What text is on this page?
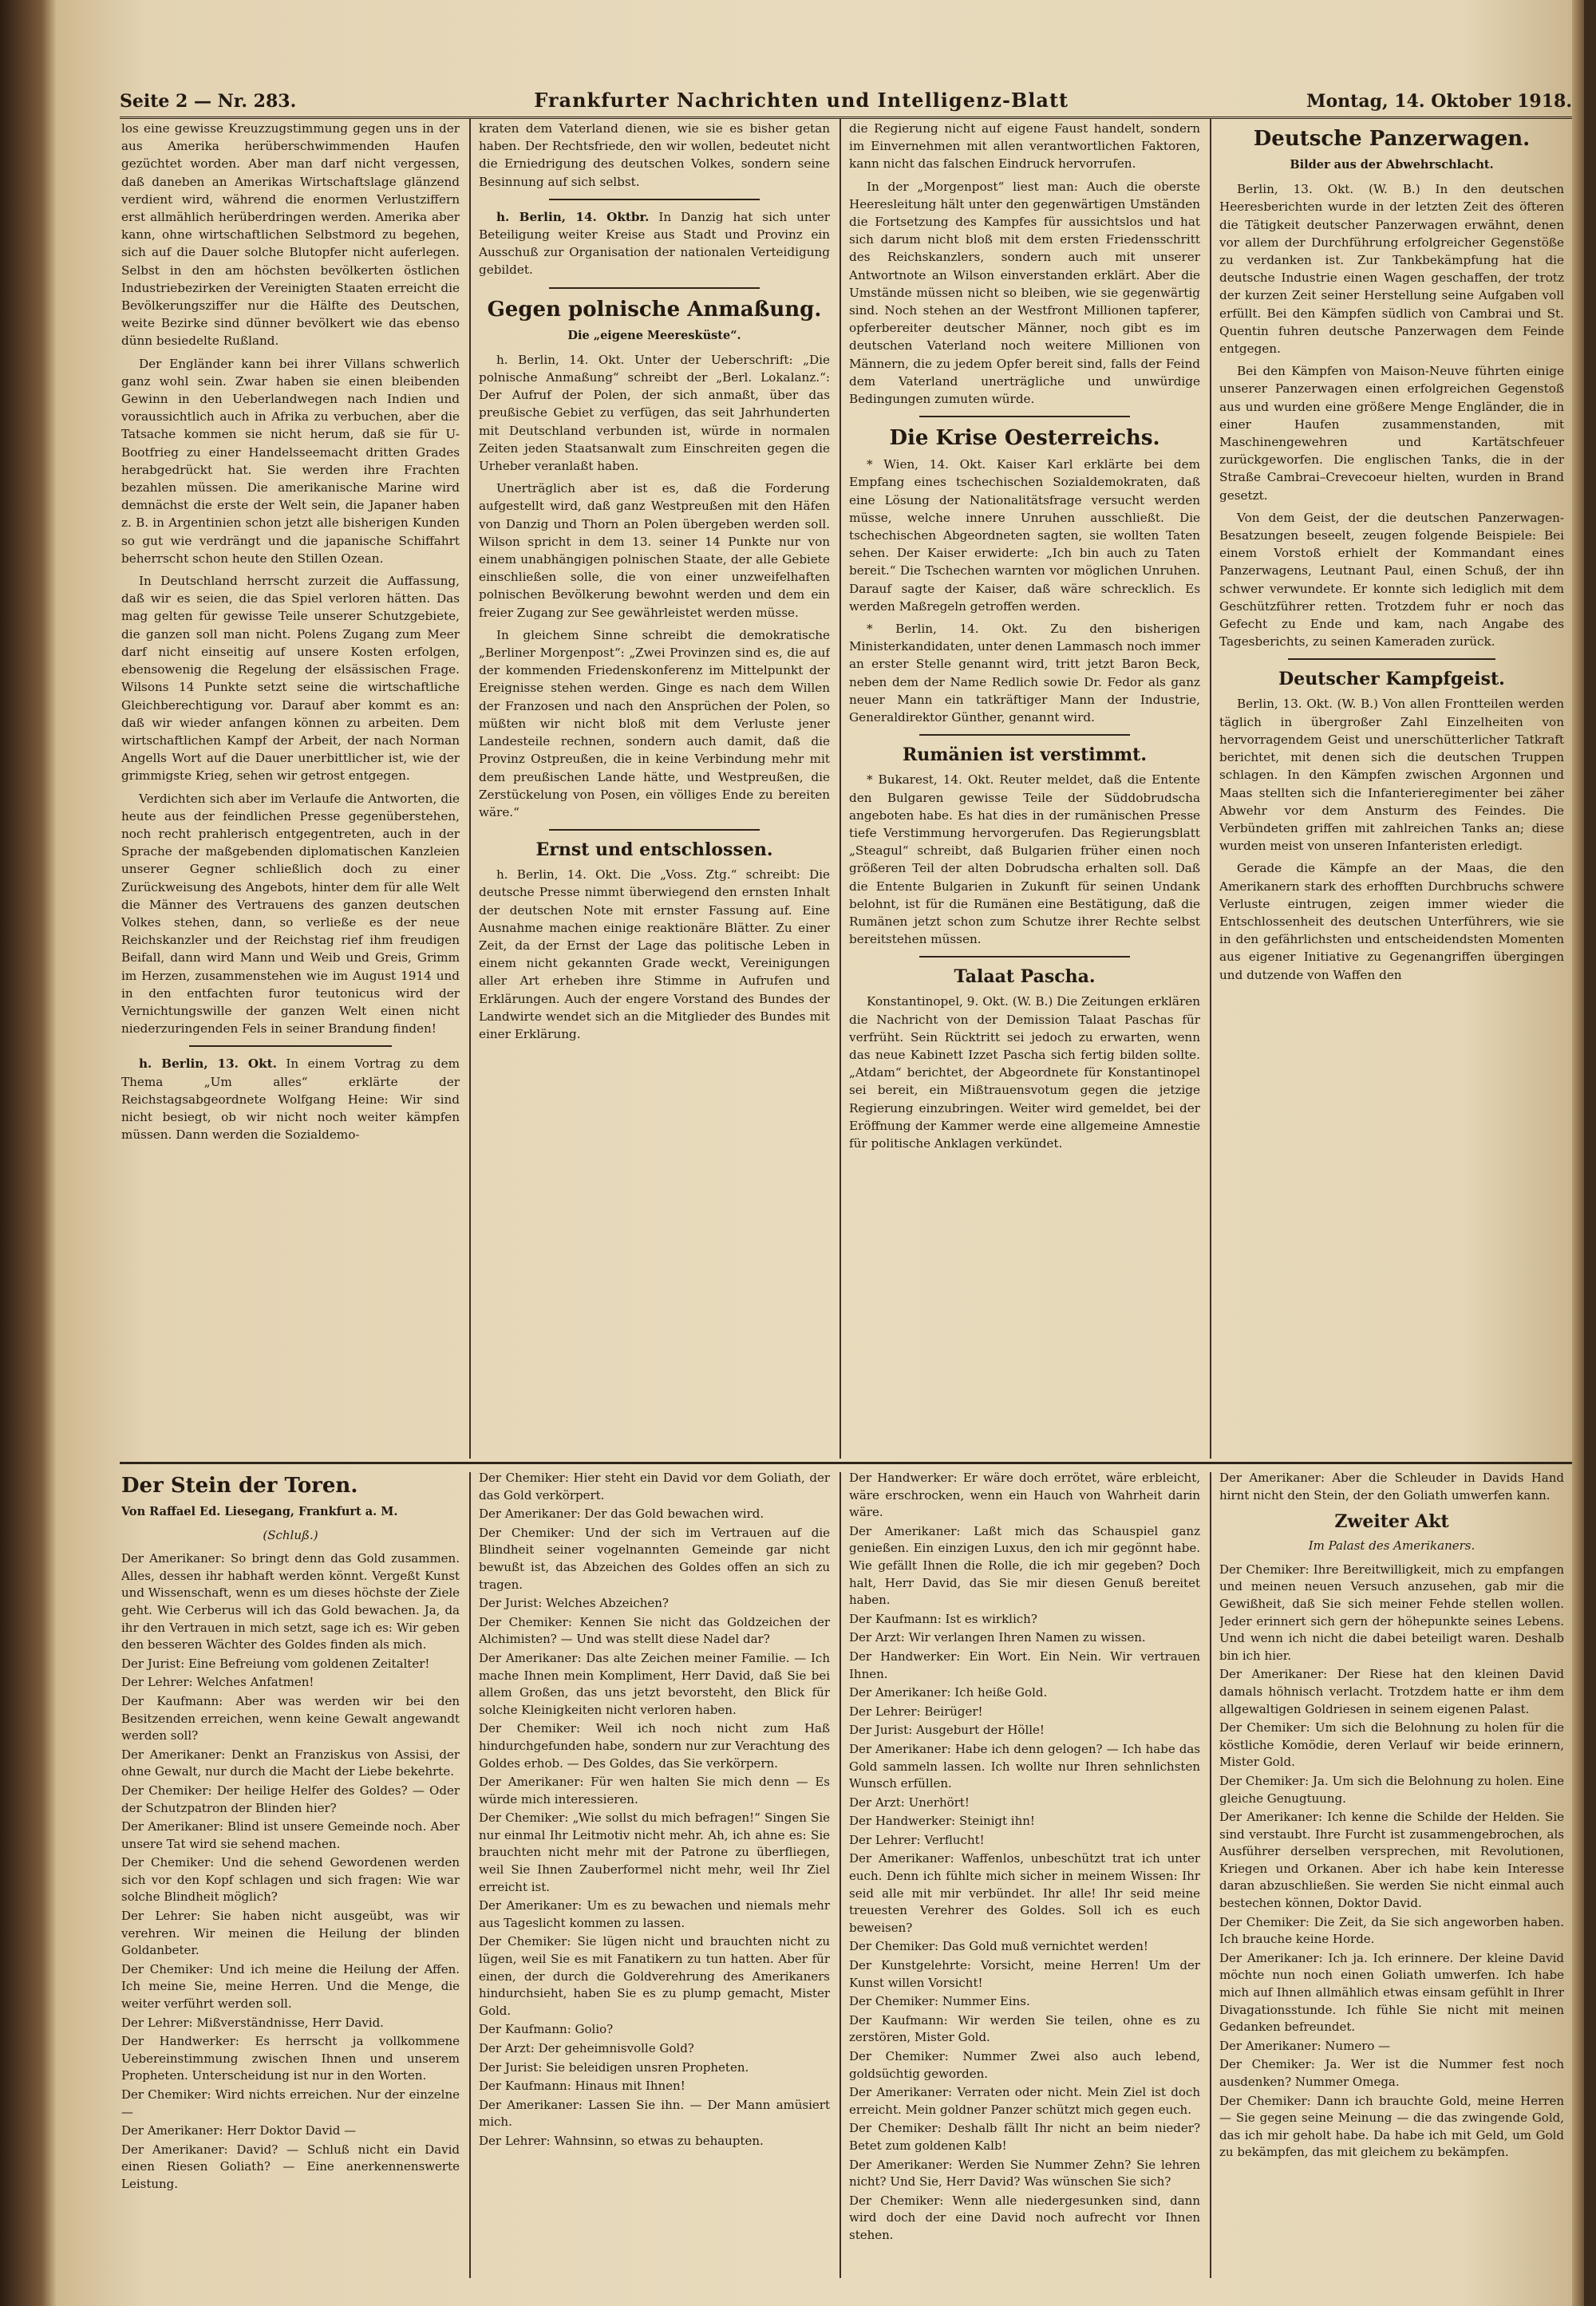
Seite 2 — Nr. 283.	Frankfurter Nachrichten und Intelligenz-Blatt	Montag, 14. Oktober 1918.

los eine gewisse Kreuzzugstimmung gegen uns in der aus Amerika herüberschwimmenden Haufen gezüchtet worden. Aber man darf nicht vergessen, daß daneben an Amerikas Wirtschaftslage glänzend verdient wird, während die enormen Verlustziffern erst allmählich herüberdringen werden. Amerika aber kann, ohne wirtschaftlichen Selbstmord zu begehen, sich auf die Dauer solche Blutopfer nicht auferlegen. Selbst in den am höchsten bevölkerten östlichen Industriebezirken der Vereinigten Staaten erreicht die Bevölkerungsziffer nur die Hälfte des Deutschen, weite Bezirke sind dünner bevölkert wie das ebenso dünn besiedelte Rußland.

Der Engländer kann bei ihrer Villans schwerlich ganz wohl sein. Zwar haben sie einen bleibenden Gewinn in den Ueberlandwegen nach Indien und voraussichtlich auch in Afrika zu verbuchen, aber die Tatsache kommen sie nicht herum, daß sie für U-Bootfrieg zu einer Handelsseemacht dritten Grades herabgedrückt hat. Sie werden ihre Frachten bezahlen müssen. Die amerikanische Marine wird demnächst die erste der Welt sein, die Japaner haben z. B. in Argentinien schon jetzt alle bisherigen Kunden so gut wie verdrängt und die japanische Schiffahrt beherrscht schon heute den Stillen Ozean.

In Deutschland herrscht zurzeit die Auffassung, daß wir es seien, die das Spiel verloren hätten. Das mag gelten für gewisse Teile unserer Schutzgebiete, die ganzen soll man nicht. Polens Zugang zum Meer darf nicht einseitig auf unsere Kosten erfolgen, ebensowenig die Regelung der elsässischen Frage. Wilsons 14 Punkte setzt seine die wirtschaftliche Gleichberechtigung vor. Darauf aber kommt es an: daß wir wieder anfangen können zu arbeiten. Dem wirtschaftlichen Kampf der Arbeit, der nach Norman Angells Wort auf die Dauer unerbittlicher ist, wie der grimmigste Krieg, sehen wir getrost entgegen.

Verdichten sich aber im Verlaufe die Antworten, die heute aus der feindlichen Presse gegenüberstehen, noch recht prahlerisch entgegentreten, auch in der Sprache der maßgebenden diplomatischen Kanzleien unserer Gegner schließlich doch zu einer Zurückweisung des Angebots, hinter dem für alle Welt die Männer des Vertrauens des ganzen deutschen Volkes stehen, dann, so verließe es der neue Reichskanzler und der Reichstag rief ihm freudigen Beifall, dann wird Mann und Weib und Greis, Grimm im Herzen, zusammenstehen wie im August 1914 und in den entfachten furor teutonicus wird der Vernichtungswille der ganzen Welt einen nicht niederzuringenden Fels in seiner Brandung finden!

h. Berlin, 13. Okt. In einem Vortrag zu dem Thema „Um alles“ erklärte der Reichstagsabgeordnete Wolfgang Heine: Wir sind nicht besiegt, ob wir nicht noch weiter kämpfen müssen. Dann werden die Sozialdemo-

kraten dem Vaterland dienen, wie sie es bisher getan haben. Der Rechtsfriede, den wir wollen, bedeutet nicht die Erniedrigung des deutschen Volkes, sondern seine Besinnung auf sich selbst.

h. Berlin, 14. Oktbr. In Danzig hat sich unter Beteiligung weiter Kreise aus Stadt und Provinz ein Ausschuß zur Organisation der nationalen Verteidigung gebildet.

Gegen polnische Anmaßung.
Die „eigene Meeresküste“.

h. Berlin, 14. Okt. Unter der Ueberschrift: „Die polnische Anmaßung“ schreibt der „Berl. Lokalanz.“: Der Aufruf der Polen, der sich anmaßt, über das preußische Gebiet zu verfügen, das seit Jahrhunderten mit Deutschland verbunden ist, würde in normalen Zeiten jeden Staatsanwalt zum Einschreiten gegen die Urheber veranlaßt haben.

Unerträglich aber ist es, daß die Forderung aufgestellt wird, daß ganz Westpreußen mit den Häfen von Danzig und Thorn an Polen übergeben werden soll. Wilson spricht in dem 13. seiner 14 Punkte nur von einem unabhängigen polnischen Staate, der alle Gebiete einschließen solle, die von einer unzweifelhaften polnischen Bevölkerung bewohnt werden und dem ein freier Zugang zur See gewährleistet werden müsse.

In gleichem Sinne schreibt die demokratische „Berliner Morgenpost“: „Zwei Provinzen sind es, die auf der kommenden Friedenskonferenz im Mittelpunkt der Ereignisse stehen werden. Ginge es nach dem Willen der Franzosen und nach den Ansprüchen der Polen, so müßten wir nicht bloß mit dem Verluste jener Landesteile rechnen, sondern auch damit, daß die Provinz Ostpreußen, die in keine Verbindung mehr mit dem preußischen Lande hätte, und Westpreußen, die Zerstückelung von Posen, ein völliges Ende zu bereiten wäre.“

Ernst und entschlossen.

h. Berlin, 14. Okt. Die „Voss. Ztg.“ schreibt: Die deutsche Presse nimmt überwiegend den ernsten Inhalt der deutschen Note mit ernster Fassung auf. Eine Ausnahme machen einige reaktionäre Blätter. Zu einer Zeit, da der Ernst der Lage das politische Leben in einem nicht gekannten Grade weckt, Vereinigungen aller Art erheben ihre Stimme in Aufrufen und Erklärungen. Auch der engere Vorstand des Bundes der Landwirte wendet sich an die Mitglieder des Bundes mit einer Erklärung.

die Regierung nicht auf eigene Faust handelt, sondern im Einvernehmen mit allen verantwortlichen Faktoren, kann nicht das falschen Eindruck hervorrufen.

In der „Morgenpost“ liest man: Auch die oberste Heeresleitung hält unter den gegenwärtigen Umständen die Fortsetzung des Kampfes für aussichtslos und hat sich darum nicht bloß mit dem ersten Friedensschritt des Reichskanzlers, sondern auch mit unserer Antwortnote an Wilson einverstanden erklärt. Aber die Umstände müssen nicht so bleiben, wie sie gegenwärtig sind. Noch stehen an der Westfront Millionen tapferer, opferbereiter deutscher Männer, noch gibt es im deutschen Vaterland noch weitere Millionen von Männern, die zu jedem Opfer bereit sind, falls der Feind dem Vaterland unerträgliche und unwürdige Bedingungen zumuten würde.

Die Krise Oesterreichs.

* Wien, 14. Okt. Kaiser Karl erklärte bei dem Empfang eines tschechischen Sozialdemokraten, daß eine Lösung der Nationalitätsfrage versucht werden müsse, welche innere Unruhen ausschließt. Die tschechischen Abgeordneten sagten, sie wollten Taten sehen. Der Kaiser erwiderte: „Ich bin auch zu Taten bereit.“ Die Tschechen warnten vor möglichen Unruhen. Darauf sagte der Kaiser, daß wäre schrecklich. Es werden Maßregeln getroffen werden.

* Berlin, 14. Okt. Zu den bisherigen Ministerkandidaten, unter denen Lammasch noch immer an erster Stelle genannt wird, tritt jetzt Baron Beck, neben dem der Name Redlich sowie Dr. Fedor als ganz neuer Mann ein tatkräftiger Mann der Industrie, Generaldirektor Günther, genannt wird.

Rumänien ist verstimmt.

* Bukarest, 14. Okt. Reuter meldet, daß die Entente den Bulgaren gewisse Teile der Süddobrudscha angeboten habe. Es hat dies in der rumänischen Presse tiefe Verstimmung hervorgerufen. Das Regierungsblatt „Steagul“ schreibt, daß Bulgarien früher einen noch größeren Teil der alten Dobrudscha erhalten soll. Daß die Entente Bulgarien in Zukunft für seinen Undank belohnt, ist für die Rumänen eine Bestätigung, daß die Rumänen jetzt schon zum Schutze ihrer Rechte selbst bereitstehen müssen.

Talaat Pascha.

Konstantinopel, 9. Okt. (W. B.) Die Zeitungen erklären die Nachricht von der Demission Talaat Paschas für verfrüht. Sein Rücktritt sei jedoch zu erwarten, wenn das neue Kabinett Izzet Pascha sich fertig bilden sollte. „Atdam“ berichtet, der Abgeordnete für Konstantinopel sei bereit, ein Mißtrauensvotum gegen die jetzige Regierung einzubringen. Weiter wird gemeldet, bei der Eröffnung der Kammer werde eine allgemeine Amnestie für politische Anklagen verkündet.

Deutsche Panzerwagen.
Bilder aus der Abwehrschlacht.

Berlin, 13. Okt. (W. B.) In den deutschen Heeresberichten wurde in der letzten Zeit des öfteren die Tätigkeit deutscher Panzerwagen erwähnt, denen vor allem der Durchführung erfolgreicher Gegenstöße zu verdanken ist. Zur Tankbekämpfung hat die deutsche Industrie einen Wagen geschaffen, der trotz der kurzen Zeit seiner Herstellung seine Aufgaben voll erfüllt. Bei den Kämpfen südlich von Cambrai und St. Quentin fuhren deutsche Panzerwagen dem Feinde entgegen.

Bei den Kämpfen von Maison-Neuve führten einige unserer Panzerwagen einen erfolgreichen Gegenstoß aus und wurden eine größere Menge Engländer, die in einer Haufen zusammenstanden, mit Maschinengewehren und Kartätschfeuer zurückgeworfen. Die englischen Tanks, die in der Straße Cambrai–Crevecoeur hielten, wurden in Brand gesetzt.

Von dem Geist, der die deutschen Panzerwagen-Besatzungen beseelt, zeugen folgende Beispiele: Bei einem Vorstoß erhielt der Kommandant eines Panzerwagens, Leutnant Paul, einen Schuß, der ihn schwer verwundete. Er konnte sich lediglich mit dem Geschützführer retten. Trotzdem fuhr er noch das Gefecht zu Ende und kam, nach Angabe des Tagesberichts, zu seinen Kameraden zurück.

Deutscher Kampfgeist.

Berlin, 13. Okt. (W. B.) Von allen Frontteilen werden täglich in übergroßer Zahl Einzelheiten von hervorragendem Geist und unerschütterlicher Tatkraft berichtet, mit denen sich die deutschen Truppen schlagen. In den Kämpfen zwischen Argonnen und Maas stellten sich die Infanterieregimenter bei zäher Abwehr vor dem Ansturm des Feindes. Die Verbündeten griffen mit zahlreichen Tanks an; diese wurden meist von unseren Infanteristen erledigt.

Gerade die Kämpfe an der Maas, die den Amerikanern stark des erhofften Durchbruchs schwere Verluste eintrugen, zeigen immer wieder die Entschlossenheit des deutschen Unterführers, wie sie in den gefährlichsten und entscheidendsten Momenten aus eigener Initiative zu Gegenangriffen übergingen und dutzende von Waffen den

Der Stein der Toren.
Von Raffael Ed. Liesegang, Frankfurt a. M.
(Schluß.)

Der Amerikaner: So bringt denn das Gold zusammen. Alles, dessen ihr habhaft werden könnt. Vergeßt Kunst und Wissenschaft, wenn es um dieses höchste der Ziele geht. Wie Cerberus will ich das Gold bewachen. Ja, da ihr den Vertrauen in mich setzt, sage ich es: Wir geben den besseren Wächter des Goldes finden als mich.

Der Jurist: Eine Befreiung vom goldenen Zeitalter!

Der Lehrer: Welches Anfatmen!

Der Kaufmann: Aber was werden wir bei den Besitzenden erreichen, wenn keine Gewalt angewandt werden soll?

Der Amerikaner: Denkt an Franziskus von Assisi, der ohne Gewalt, nur durch die Macht der Liebe bekehrte.

Der Chemiker: Der heilige Helfer des Goldes? — Oder der Schutzpatron der Blinden hier?

Der Amerikaner: Blind ist unsere Gemeinde noch. Aber unsere Tat wird sie sehend machen.

Der Chemiker: Und die sehend Gewordenen werden sich vor den Kopf schlagen und sich fragen: Wie war solche Blindheit möglich?

Der Lehrer: Sie haben nicht ausgeübt, was wir verehren. Wir meinen die Heilung der blinden Goldanbeter.

Der Chemiker: Und ich meine die Heilung der Affen. Ich meine Sie, meine Herren. Und die Menge, die weiter verführt werden soll.

Der Lehrer: Mißverständnisse, Herr David.

Der Handwerker: Es herrscht ja vollkommene Uebereinstimmung zwischen Ihnen und unserem Propheten. Unterscheidung ist nur in den Worten.

Der Chemiker: Wird nichts erreichen. Nur der einzelne —

Der Amerikaner: Herr Doktor David —

Der Amerikaner: David? — Schluß nicht ein David einen Riesen Goliath? — Eine anerkennenswerte Leistung.

Der Chemiker: Hier steht ein David vor dem Goliath, der das Gold verkörpert.

Der Amerikaner: Der das Gold bewachen wird.

Der Chemiker: Und der sich im Vertrauen auf die Blindheit seiner vogelnannten Gemeinde gar nicht bewußt ist, das Abzeichen des Goldes offen an sich zu tragen.

Der Jurist: Welches Abzeichen?

Der Chemiker: Kennen Sie nicht das Goldzeichen der Alchimisten? — Und was stellt diese Nadel dar?

Der Amerikaner: Das alte Zeichen meiner Familie. — Ich mache Ihnen mein Kompliment, Herr David, daß Sie bei allem Großen, das uns jetzt bevorsteht, den Blick für solche Kleinigkeiten nicht verloren haben.

Der Chemiker: Weil ich noch nicht zum Haß hindurchgefunden habe, sondern nur zur Verachtung des Goldes erhob. — Des Goldes, das Sie verkörpern.

Der Amerikaner: Für wen halten Sie mich denn — Es würde mich interessieren.

Der Chemiker: „Wie sollst du mich befragen!“ Singen Sie nur einmal Ihr Leitmotiv nicht mehr. Ah, ich ahne es: Sie brauchten nicht mehr mit der Patrone zu überfliegen, weil Sie Ihnen Zauberformel nicht mehr, weil Ihr Ziel erreicht ist.

Der Amerikaner: Um es zu bewachen und niemals mehr aus Tageslicht kommen zu lassen.

Der Chemiker: Sie lügen nicht und brauchten nicht zu lügen, weil Sie es mit Fanatikern zu tun hatten. Aber für einen, der durch die Goldverehrung des Amerikaners hindurchsieht, haben Sie es zu plump gemacht, Mister Gold.

Der Kaufmann: Golio?

Der Arzt: Der geheimnisvolle Gold?

Der Jurist: Sie beleidigen unsren Propheten.

Der Kaufmann: Hinaus mit Ihnen!

Der Amerikaner: Lassen Sie ihn. — Der Mann amüsiert mich.

Der Lehrer: Wahnsinn, so etwas zu behaupten.

Der Handwerker: Er wäre doch errötet, wäre erbleicht, wäre erschrocken, wenn ein Hauch von Wahrheit darin wäre.

Der Amerikaner: Laßt mich das Schauspiel ganz genießen. Ein einzigen Luxus, den ich mir gegönnt habe. Wie gefällt Ihnen die Rolle, die ich mir gegeben? Doch halt, Herr David, das Sie mir diesen Genuß bereitet haben.

Der Kaufmann: Ist es wirklich?

Der Arzt: Wir verlangen Ihren Namen zu wissen.

Der Handwerker: Ein Wort. Ein Nein. Wir vertrauen Ihnen.

Der Amerikaner: Ich heiße Gold.

Der Lehrer: Beirüger!

Der Jurist: Ausgeburt der Hölle!

Der Amerikaner: Habe ich denn gelogen? — Ich habe das Gold sammeln lassen. Ich wollte nur Ihren sehnlichsten Wunsch erfüllen.

Der Arzt: Unerhört!

Der Handwerker: Steinigt ihn!

Der Lehrer: Verflucht!

Der Amerikaner: Waffenlos, unbeschützt trat ich unter euch. Denn ich fühlte mich sicher in meinem Wissen: Ihr seid alle mit mir verbündet. Ihr alle! Ihr seid meine treuesten Verehrer des Goldes. Soll ich es euch beweisen?

Der Chemiker: Das Gold muß vernichtet werden!

Der Kunstgelehrte: Vorsicht, meine Herren! Um der Kunst willen Vorsicht!

Der Chemiker: Nummer Eins.

Der Kaufmann: Wir werden Sie teilen, ohne es zu zerstören, Mister Gold.

Der Chemiker: Nummer Zwei also auch lebend, goldsüchtig geworden.

Der Amerikaner: Verraten oder nicht. Mein Ziel ist doch erreicht. Mein goldner Panzer schützt mich gegen euch.

Der Chemiker: Deshalb fällt Ihr nicht an beim nieder? Betet zum goldenen Kalb!

Der Amerikaner: Werden Sie Nummer Zehn? Sie lehren nicht? Und Sie, Herr David? Was wünschen Sie sich?

Der Chemiker: Wenn alle niedergesunken sind, dann wird doch der eine David noch aufrecht vor Ihnen stehen.

Der Amerikaner: Aber die Schleuder in Davids Hand hirnt nicht den Stein, der den Goliath umwerfen kann.

Zweiter Akt
Im Palast des Amerikaners.

Der Chemiker: Ihre Bereitwilligkeit, mich zu empfangen und meinen neuen Versuch anzusehen, gab mir die Gewißheit, daß Sie sich meiner Fehde stellen wollen. Jeder erinnert sich gern der höhepunkte seines Lebens. Und wenn ich nicht die dabei beteiligt waren. Deshalb bin ich hier.

Der Amerikaner: Der Riese hat den kleinen David damals höhnisch verlacht. Trotzdem hatte er ihm dem allgewaltigen Goldriesen in seinem eigenen Palast.

Der Chemiker: Um sich die Belohnung zu holen für die köstliche Komödie, deren Verlauf wir beide erinnern, Mister Gold.

Der Chemiker: Ja. Um sich die Belohnung zu holen. Eine gleiche Genugtuung.

Der Amerikaner: Ich kenne die Schilde der Helden. Sie sind verstaubt. Ihre Furcht ist zusammengebrochen, als Ausführer derselben versprechen, mit Revolutionen, Kriegen und Orkanen. Aber ich habe kein Interesse daran abzuschließen. Sie werden Sie nicht einmal auch bestechen können, Doktor David.

Der Chemiker: Die Zeit, da Sie sich angeworben haben. Ich brauche keine Horde.

Der Amerikaner: Ich ja. Ich erinnere. Der kleine David möchte nun noch einen Goliath umwerfen. Ich habe mich auf Ihnen allmählich etwas einsam gefühlt in Ihrer Divagationsstunde. Ich fühle Sie nicht mit meinen Gedanken befreundet.

Der Amerikaner: Numero —

Der Chemiker: Ja. Wer ist die Nummer fest noch ausdenken? Nummer Omega.

Der Chemiker: Dann ich brauchte Gold, meine Herren — Sie gegen seine Meinung — die das zwingende Gold, das ich mir geholt habe. Da habe ich mit Geld, um Gold zu bekämpfen, das mit gleichem zu bekämpfen.
